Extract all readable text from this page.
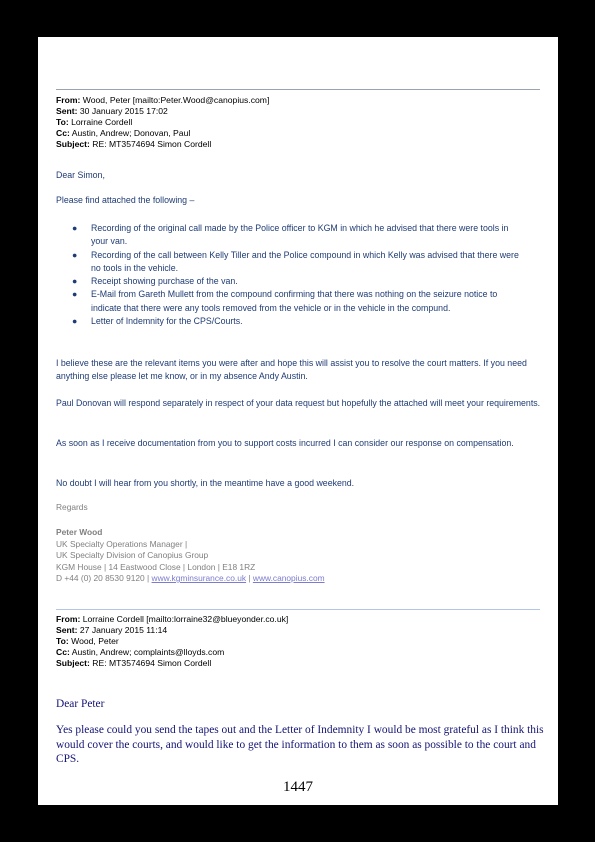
From: Wood, Peter [mailto:Peter.Wood@canopius.com]
Sent: 30 January 2015 17:02
To: Lorraine Cordell
Cc: Austin, Andrew; Donovan, Paul
Subject: RE: MT3574694 Simon Cordell

Dear Simon,

Please find attached the following –

● Recording of the original call made by the Police officer to KGM in which he advised that there were tools in your van.
● Recording of the call between Kelly Tiller and the Police compound in which Kelly was advised that there were no tools in the vehicle.
● Receipt showing purchase of the van.
● E-Mail from Gareth Mullett from the compound confirming that there was nothing on the seizure notice to indicate that there were any tools removed from the vehicle or in the vehicle in the compund.
● Letter of Indemnity for the CPS/Courts.

I believe these are the relevant items you were after and hope this will assist you to resolve the court matters. If you need anything else please let me know, or in my absence Andy Austin.

Paul Donovan will respond separately in respect of your data request but hopefully the attached will meet your requirements.

As soon as I receive documentation from you to support costs incurred I can consider our response on compensation.

No doubt I will hear from you shortly, in the meantime have a good weekend.

Regards
Peter Wood
UK Specialty Operations Manager |
UK Specialty Division of Canopius Group
KGM House | 14 Eastwood Close | London | E18 1RZ
D +44 (0) 20 8530 9120 | www.kgminsurance.co.uk | www.canopius.com
From: Lorraine Cordell [mailto:lorraine32@blueyonder.co.uk]
Sent: 27 January 2015 11:14
To: Wood, Peter
Cc: Austin, Andrew; complaints@lloyds.com
Subject: RE: MT3574694 Simon Cordell
Dear Peter
Yes please could you send the tapes out and the Letter of Indemnity I would be most grateful as I think this would cover the courts, and would like to get the information to them as soon as possible to the court and CPS.
1447
